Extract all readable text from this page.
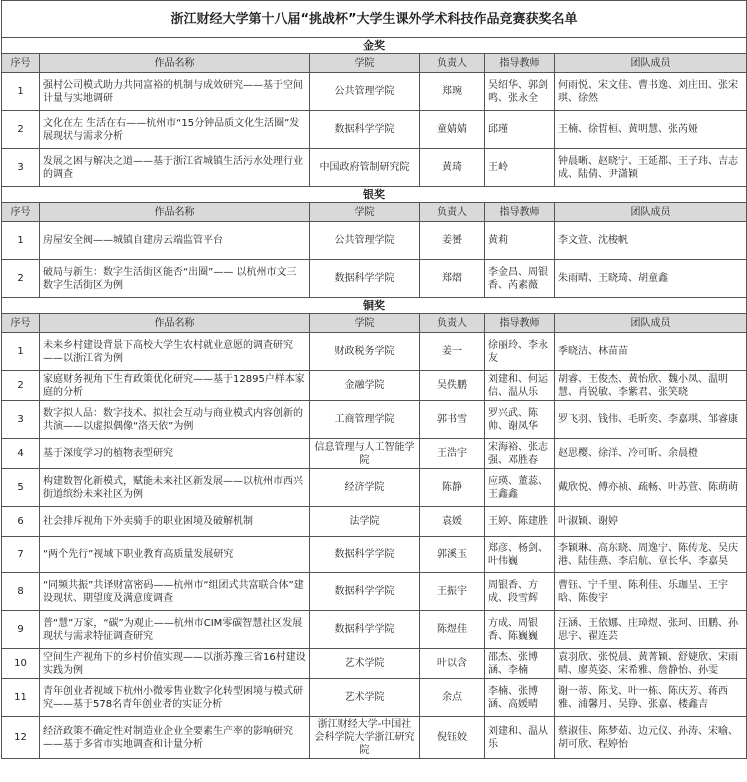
浙江财经大学第十八届“挑战杯”大学生课外学术科技作品竞赛获奖名单					
金奖					
序号	作品名称	学院	负责人	指导教师	团队成员
1	强村公司模式助力共同富裕的机制与成效研究——基于空间计量与实地调研	公共管理学院	郑琬	吴绍华、郭剑鸣、张永全	何雨悦、宋文佳、曹书逸、刘庄田、张宋琪、徐然
2	文化在左 生活在右——杭州市“15分钟品质文化生活圈”发展现状与需求分析	数据科学学院	童婧婧	邱瑾	王楠、徐晢桓、黄明慧、张芮娅
3	发展之困与解决之道——基于浙江省城镇生活污水处理行业的调查	中国政府管制研究院	黄琦	王岭	钟晨晰、赵晓宁、王延都、王子玮、吉志成、陆倩、尹潇颖
银奖					
序号	作品名称	学院	负责人	指导教师	团队成员
1	房屋安全阀——城镇自建房云端监管平台	公共管理学院	姜赟	黄莉	李文萱、沈梭帆
2	破局与新生：数字生活街区能否“出圈”—— 以杭州市文三数字生活街区为例	数据科学学院	郑熠	李金昌、周银香、芮素薇	朱雨晴、王晓琦、胡童鑫
铜奖					
序号	作品名称	学院	负责人	指导教师	团队成员
1	未来乡村建设背景下高校大学生农村就业意愿的调查研究——以浙江省为例	财政税务学院	姜一	徐丽玲、李永友	季晓洁、林苗苗
2	家庭财务视角下生育政策优化研究——基于12895户样本家庭的分析	金融学院	吴佚鹏	刘建和、何运信、温从乐	胡睿、王俊杰、黄怡欣、魏小凤、温明慧、肖锐敏、李紫君、张笑晓
3	数字拟人品：数字技术、拟社会互动与商业模式内容创新的共演——以虚拟偶像“洛天依”为例	工商管理学院	郭书雪	罗兴武、陈帅、谢凤华	罗飞羽、钱伟、毛昕奕、李嘉琪、邹睿康
4	基于深度学习的植物表型研究	信息管理与人工智能学院	王浩宇	宋海裕、张志强、邓胜春	赵思樱、徐洋、冷可昕、余晨橙
5	构建数智化新模式，赋能未来社区新发展——以杭州市西兴街道缤纷未来社区为例	经济学院	陈静	应瑛、董蕊、王鑫鑫	戴欣悦、傅亦祯、疏畅、叶苏萱、陈萌萌
6	社会排斥视角下外卖骑手的职业困境及破解机制	法学院	袁媛	王婷、陈建胜	叶淑颖、谢婷
7	“两个先行”视域下职业教育高质量发展研究	数据科学学院	郭溪玉	郑彦、杨剑、叶伟巍	李颖琳、高东晓、周逸宁、陈传龙、吴庆港、陆佳燕、李启航、章长华、李嘉昊
8	“同频共振”共译财富密码——杭州市“组团式共富联合体”建设现状、期望度及满意度调查	数据科学学院	王振宇	周银香、方成、段雪辉	曹钰、宁千里、陈利佳、乐珈呈、王宇晗、陈俊宇
9	普“慧”万家，“碳”为观止——杭州市CIM零碳智慧社区发展现状与需求特征调查研究	数据科学学院	陈煜佳	方成、周银香、陈巍巍	汪涵、王依娜、庄璋煜、张珂、田鹏、孙思宇、翟连芸
10	空间生产视角下的乡村价值实现——以浙苏豫三省16村建设实践为例	艺术学院	叶以含	邵杰、张博涵、李楠	袁羽欣、张悦晨、黄菁颖、舒婕欣、宋雨晴、廖英姿、宋希雅、詹静怡、孙雯
11	青年创业者视域下杭州小微零售业数字化转型困境与模式研究——基于578名青年创业者的实证分析	艺术学院	余点	李楠、张博涵、高媛晴	谢一蒂、陈戈、叶一栋、陈庆芳、蒋西雅、浦馨月、吴铮、张嘉、楼鑫吉
12	经济政策不确定性对制造业企业全要素生产率的影响研究——基于多省市实地调查和计量分析	浙江财经大学-中国社会科学院大学浙江研究院	倪钰姣	刘建和、温从乐	蔡淑佳、陈梦茹、边元仪、孙涛、宋喻、胡可欣、程婷怡
